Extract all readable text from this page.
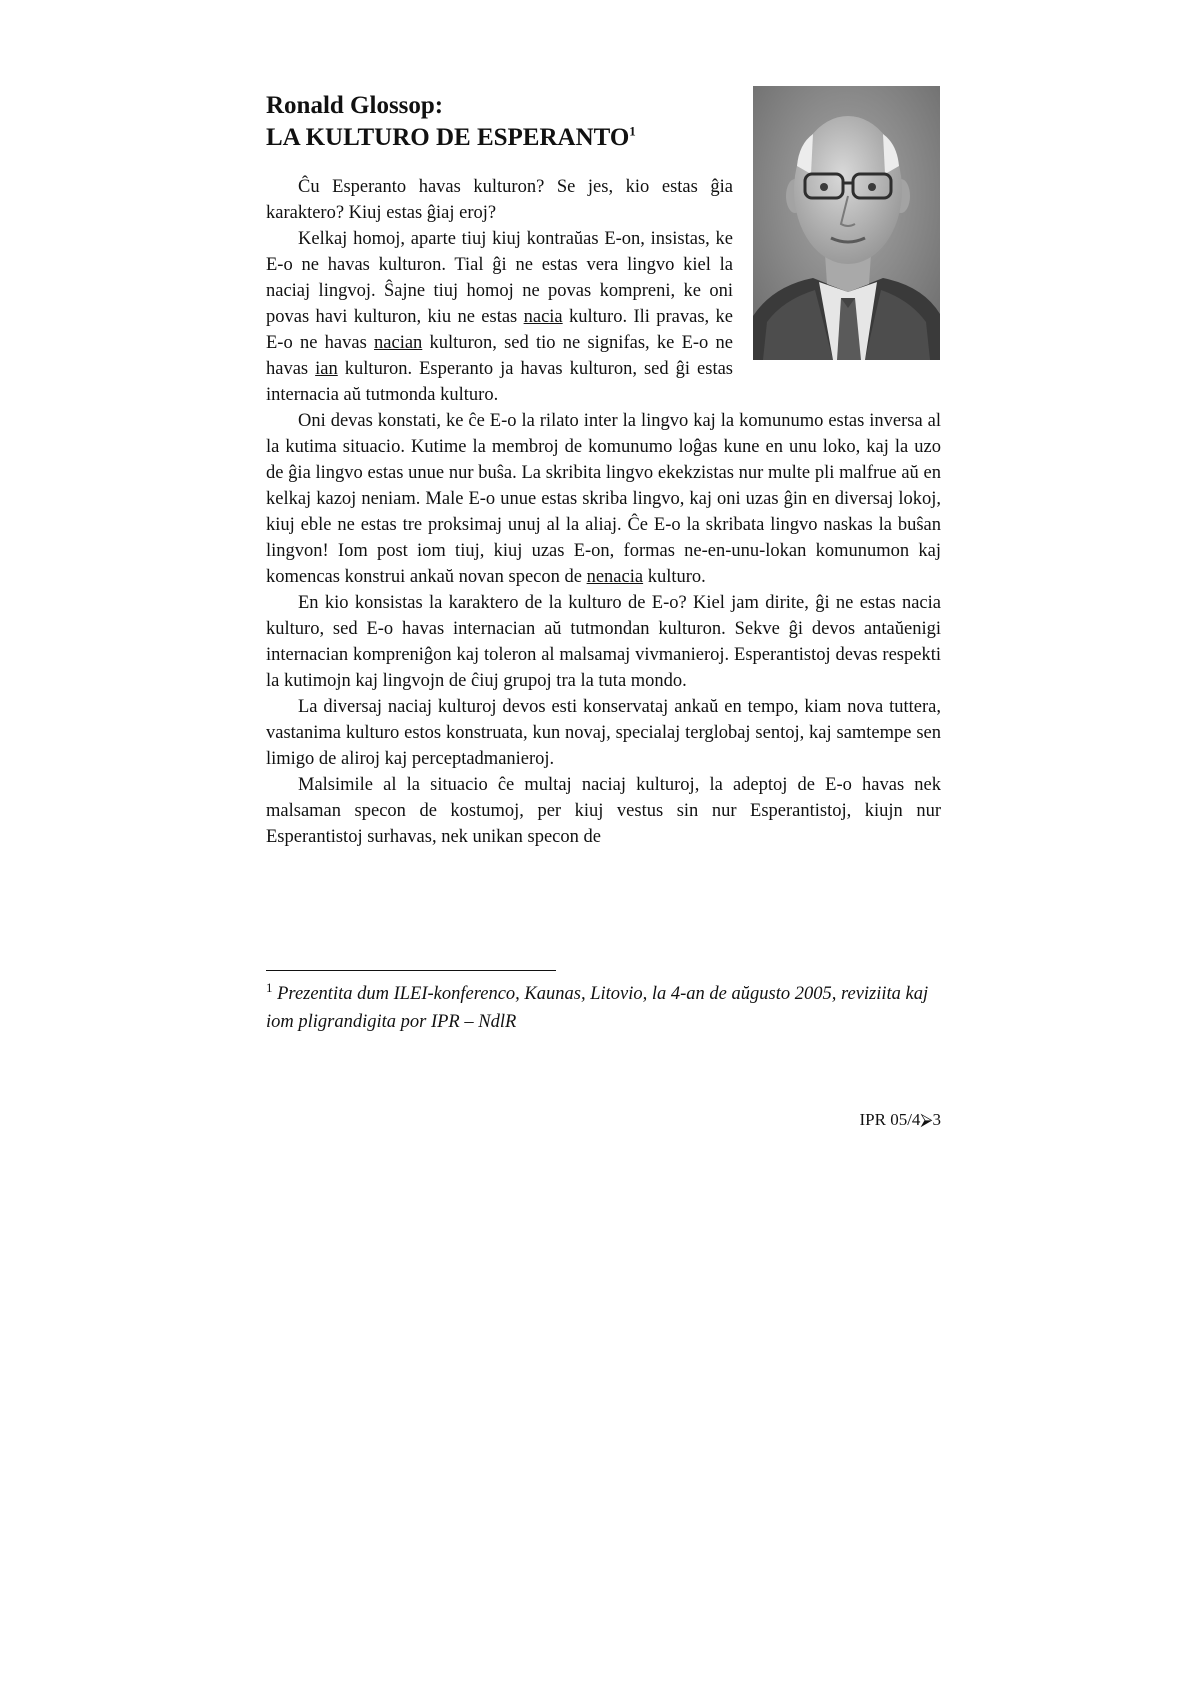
Ronald Glossop:
LA KULTURO DE ESPERANTO$^1$

Ĉu Esperanto havas kulturon? Se jes, kio estas ĝia karaktero? Kiuj estas ĝiaj eroj?

Kelkaj homoj, aparte tiuj kiuj kontraŭas E-on, insistas, ke E-o ne havas kulturon. Tial ĝi ne estas vera lingvo kiel la naciaj lingvoj. Ŝajne tiuj homoj ne povas kompreni, ke oni povas havi kulturon, kiu ne estas nacia kulturo. Ili pravas, ke E-o ne havas nacian kulturon, sed tio ne signifas, ke E-o ne havas ian kulturon. Esperanto ja havas kulturon, sed ĝi estas internacia aŭ tutmonda kulturo.

Oni devas konstati, ke ĉe E-o la rilato inter la lingvo kaj la komunumo estas inversa al la kutima situacio. Kutime la membroj de komunumo loĝas kune en unu loko, kaj la uzo de ĝia lingvo estas unue nur buŝa. La skribita lingvo ekekzistas nur multe pli malfrue aŭ en kelkaj kazoj neniam. Male E-o unue estas skriba lingvo, kaj oni uzas ĝin en diversaj lokoj, kiuj eble ne estas tre proksimaj unuj al la aliaj. Ĉe E-o la skribata lingvo naskas la buŝan lingvon! Iom post iom tiuj, kiuj uzas E-on, formas ne-en-unu-lokan komunumon kaj komencas konstrui ankaŭ novan specon de nenacia kulturo.

En kio konsistas la karaktero de la kulturo de E-o? Kiel jam dirite, ĝi ne estas nacia kulturo, sed E-o havas internacian aŭ tutmondan kulturon. Sekve ĝi devos antaŭenigi internacian kompreniĝon kaj toleron al malsamaj vivmanieroj. Esperantistoj devas respekti la kutimojn kaj lingvojn de ĉiuj grupoj tra la tuta mondo.

La diversaj naciaj kulturoj devos esti konservataj ankaŭ en tempo, kiam nova tuttera, vastanima kulturo estos konstruata, kun novaj, specialaj terglobaj sentoj, kaj samtempe sen limigo de aliroj kaj perceptadmanieroj.

Malsimile al la situacio ĉe multaj naciaj kulturoj, la adeptoj de E-o havas nek malsaman specon de kostumoj, per kiuj vestus sin nur Esperantistoj, kiujn nur Esperantistoj surhavas, nek unikan specon de

$^1$ Prezentita dum ILEI-konferenco, Kaunas, Litovio, la 4-an de aŭgusto 2005, reviziita kaj iom pligrandigita por IPR – NdlR
IPR 05/4⮚3
